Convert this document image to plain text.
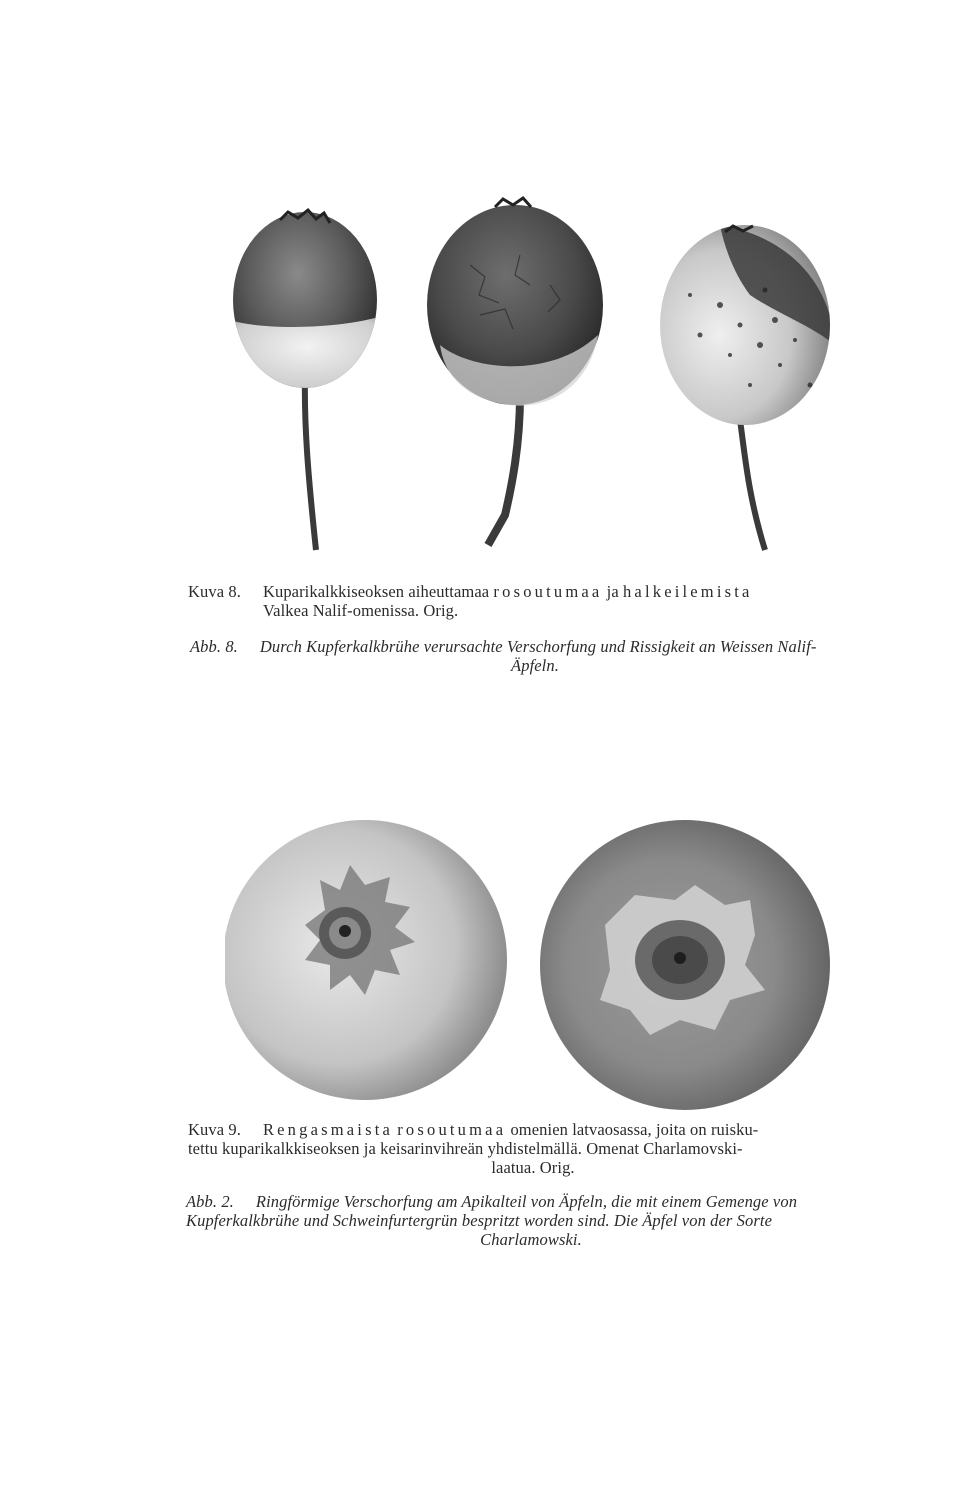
Kuva 8. Kuparikalkkiseoksen aiheuttamaa rosoutumaa ja halkeilemista
Valkea Nalif-omenissa. Orig.
Abb. 8. Durch Kupferkalkbrühe verursachte Verschorfung und Rissigkeit an Weissen Nalif-
Äpfeln.
Kuva 9. Rengasmaista rosoutumaa omenien latvaosassa, joita on ruisku-
tettu kuparikalkkiseoksen ja keisarinvihreän yhdistelmällä. Omenat Charlamovski-
laatua. Orig.
Abb. 2. Ringförmige Verschorfung am Apikalteil von Äpfeln, die mit einem Gemenge von
Kupferkalkbrühe und Schweinfurtergrün bespritzt worden sind. Die Äpfel von der Sorte
Charlamowski.
